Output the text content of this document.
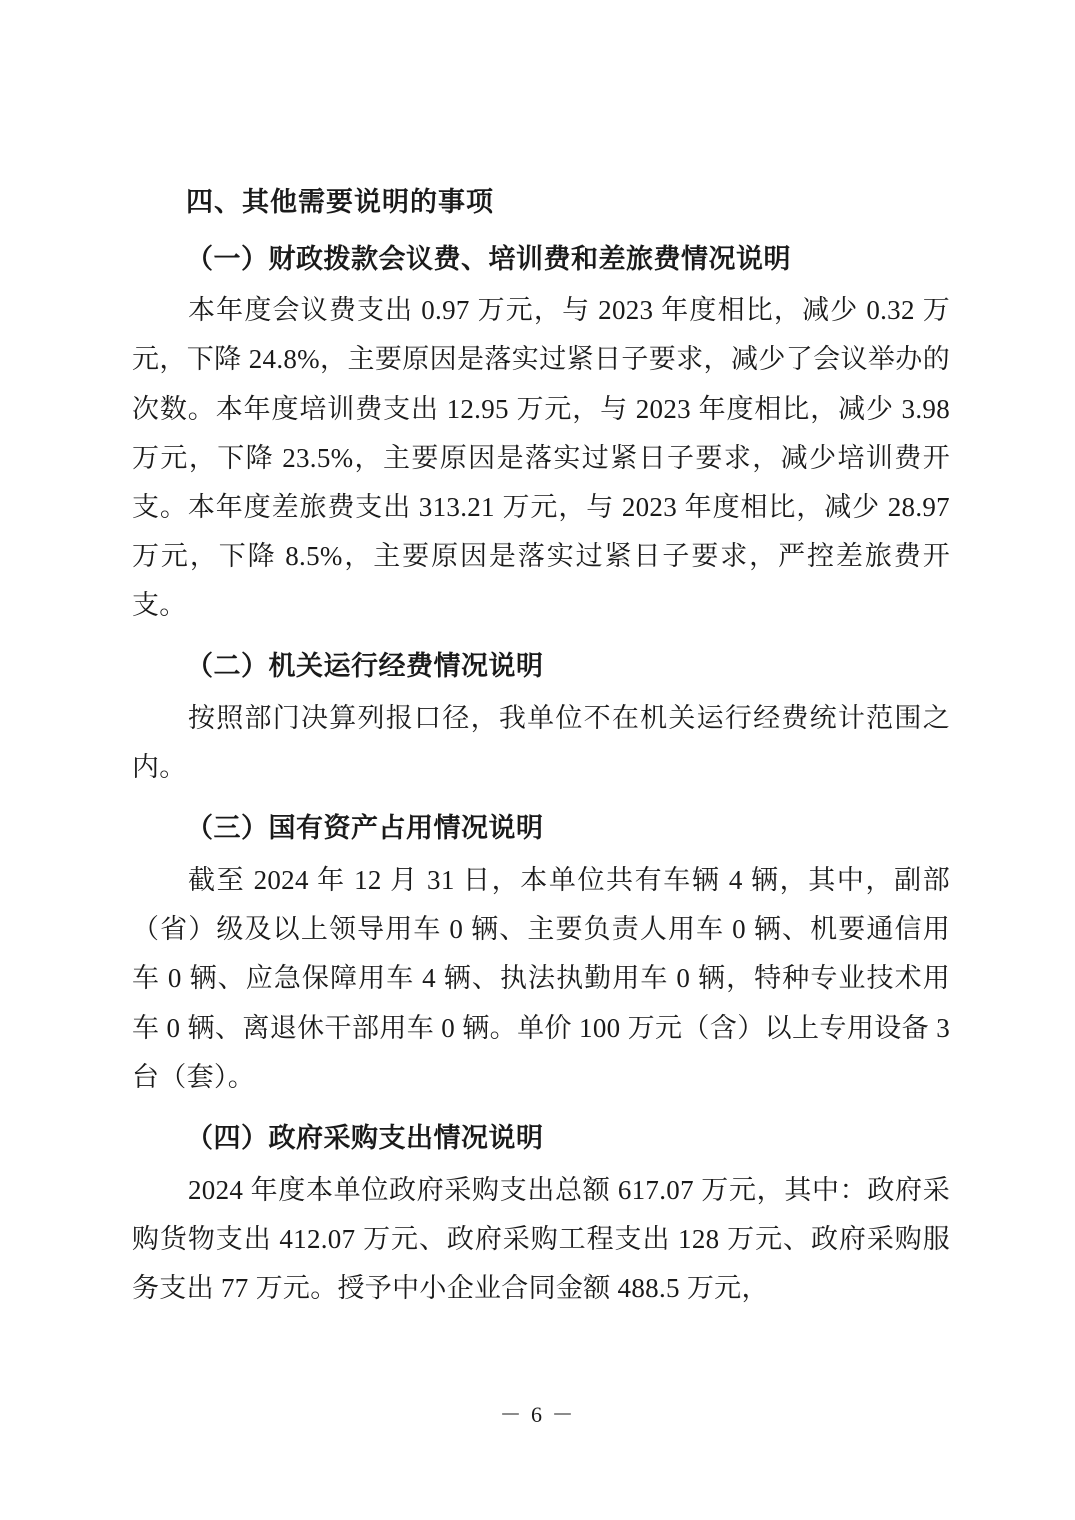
四、其他需要说明的事项
（一）财政拨款会议费、培训费和差旅费情况说明

本年度会议费支出 0.97 万元，与 2023 年度相比，减少 0.32 万元，下降 24.8%，主要原因是落实过紧日子要求，减少了会议举办的次数。本年度培训费支出 12.95 万元，与 2023 年度相比，减少 3.98 万元，下降 23.5%，主要原因是落实过紧日子要求，减少培训费开支。本年度差旅费支出 313.21 万元，与 2023 年度相比，减少 28.97 万元，下降 8.5%，主要原因是落实过紧日子要求，严控差旅费开支。

（二）机关运行经费情况说明

按照部门决算列报口径，我单位不在机关运行经费统计范围之内。

（三）国有资产占用情况说明

截至 2024 年 12 月 31 日，本单位共有车辆 4 辆，其中，副部（省）级及以上领导用车 0 辆、主要负责人用车 0 辆、机要通信用车 0 辆、应急保障用车 4 辆、执法执勤用车 0 辆，特种专业技术用车 0 辆、离退休干部用车 0 辆。单价 100 万元（含）以上专用设备 3 台（套）。

（四）政府采购支出情况说明

2024 年度本单位政府采购支出总额 617.07 万元，其中：政府采购货物支出 412.07 万元、政府采购工程支出 128 万元、政府采购服务支出 77 万元。授予中小企业合同金额 488.5 万元，

－ 6 －
